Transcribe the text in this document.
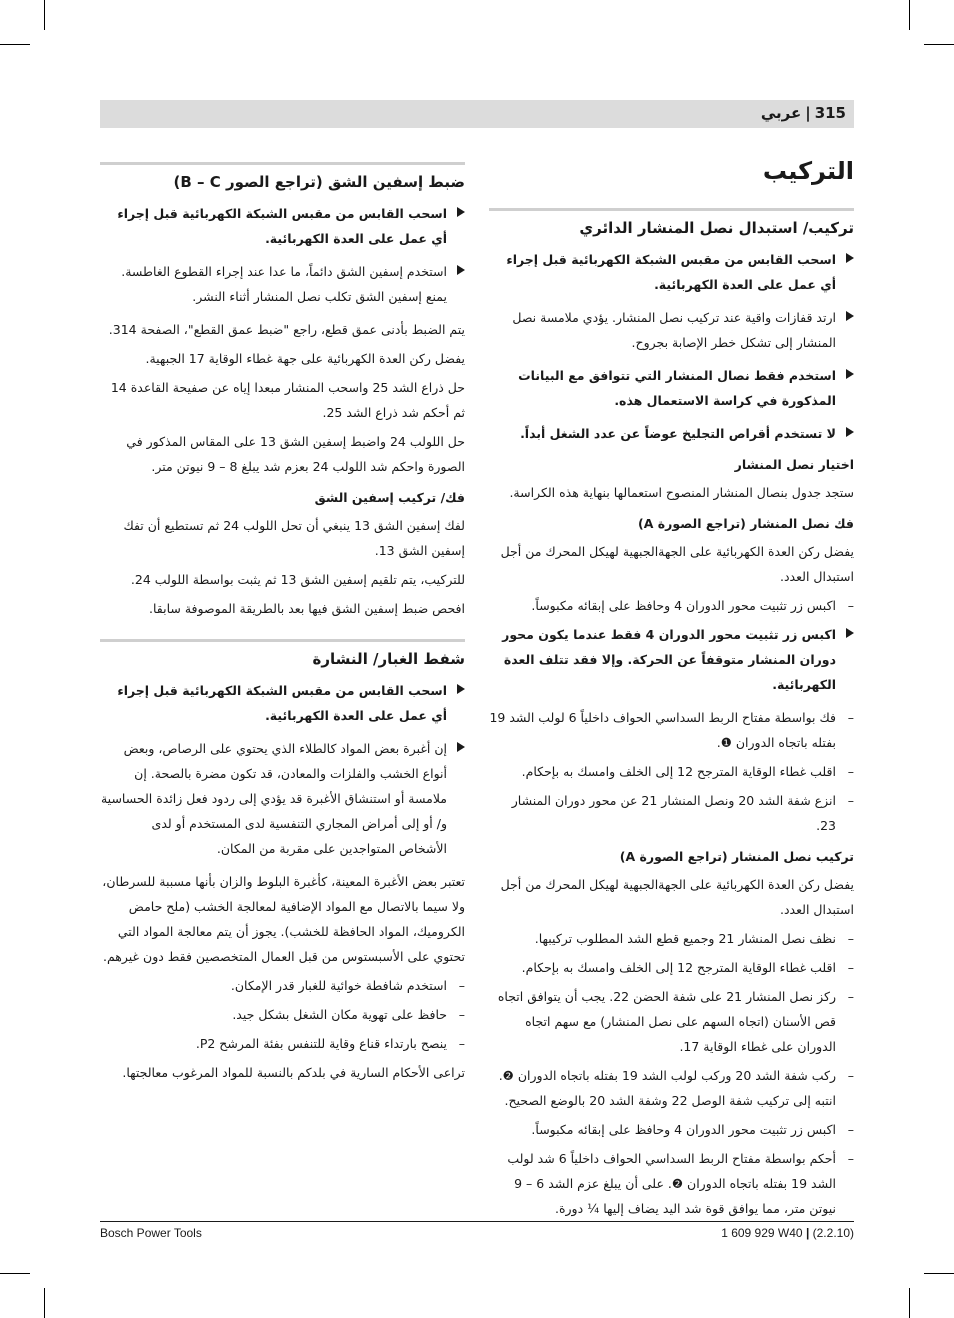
315|عربي
التركيب
تركيب/ استبدال نصل المنشار الدائري
اسحب القابس من مقبس الشبكة الكهربائية قبل إجراء أي عمل على العدة الكهربائية.
ارتد قفازات واقية عند تركيب نصل المنشار. يؤدي ملامسة نصل المنشار إلى تشكل خطر الإصابة بجروح.
استخدم فقط نصال المنشار التي تتوافق مع البيانات المذكورة في كراسة الاستعمال هذه.
لا تستخدم أقراص التجليخ عوضاً عن عدد الشغل أبداً.
اختيار نصل المنشار
ستجد جدول بنصال المنشار المنصوح استعمالها بنهاية هذه الكراسة.
فك نصل المنشار (تراجع الصورة A)
يفضل ركن العدة الكهربائية على الجهةالجبهية لهيكل المحرك من أجل استبدال العدد.
–
اكبس زر تثبيت محور الدوران 4 وحافظ على إبقائه مكبوساً.
اكبس زر تثبيت محور الدوران 4 فقط عندما يكون محور دوران المنشار متوقفاً عن الحركة. وإلا فقد تتلف العدة الكهربائية.
–
فك بواسطة مفتاح الربط السداسي الحواف داخلياً 6 لولب الشد 19 بفتله باتجاه الدوران ❶.
–
اقلب غطاء الوقاية المترجح 12 إلى الخلف وامسك به بإحكام.
–
انزع شفة الشد 20 ونصل المنشار 21 عن محور دوران المنشار 23.
تركيب نصل المنشار (تراجع الصورة A)
يفضل ركن العدة الكهربائية على الجهةالجبهية لهيكل المحرك من أجل استبدال العدد.
–
نظف نصل المنشار 21 وجميع قطع الشد المطلوب تركيبها.
–
اقلب غطاء الوقاية المترجح 12 إلى الخلف وامسك به بإحكام.
–
ركز نصل المنشار 21 على شفة الحضن 22. يجب أن يتوافق اتجاه قص الأسنان (اتجاه السهم على نصل المنشار) مع سهم اتجاه الدوران على غطاء الوقاية 17.
–
ركب شفة الشد 20 وركب لولب الشد 19 بفتله باتجاه الدوران ❷. انتبه إلى تركيب شفة الوصل 22 وشفة الشد 20 بالوضع الصحيح.
–
اكبس زر تثبيت محور الدوران 4 وحافظ على إبقائه مكبوساً.
–
أحكم بواسطة مفتاح الربط السداسي الحواف داخلياً 6 شد لولب الشد 19 بفتله باتجاه الدوران ❷. على أن يبلغ عزم الشد 6 – 9 نيوتن متر، مما يوافق قوة شد اليد يضاف إليها ¼ دورة.
ضبط إسفين الشق (تراجع الصور B – C)
اسحب القابس من مقبس الشبكة الكهربائية قبل إجراء أي عمل على العدة الكهربائية.
استخدم إسفين الشق دائماً، ما عدا عند إجراء القطوع الغاطسة. يمنع إسفين الشق تكلب نصل المنشار أثناء النشر.
يتم الضبط بأدنى عمق قطع، راجع "ضبط عمق القطع"، الصفحة 314.
يفضل ركن العدة الكهربائية على جهة غطاء الوقاية 17 الجبهية.
حل ذراع الشد 25 واسحب المنشار مبعدا إياه عن صفيحة القاعدة 14 ثم أحكم شد ذراع الشد 25.
حل اللولب 24 واضبط إسفين الشق 13 على المقاس المذكور في الصورة واحكم شد اللولب 24 بعزم شد يبلغ 8 – 9 نيوتن متر.
فك/ تركيب إسفين الشق
لفك إسفين الشق 13 ينبغي أن تحل اللولب 24 ثم تستطيع أن تفك إسفين الشق 13.
للتركيب، يتم تلقيم إسفين الشق 13 ثم يثبت بواسطة اللولب 24.
افحص ضبط إسفين الشق فيها بعد بالطريقة الموصوفة سابقا.
شفط الغبار/ النشارة
اسحب القابس من مقبس الشبكة الكهربائية قبل إجراء أي عمل على العدة الكهربائية.
إن أغبرة بعض المواد كالطلاء الذي يحتوي على الرصاص، وبعض أنواع الخشب والفلزات والمعادن، قد تكون مضرة بالصحة. إن ملامسة أو استنشاق الأغبرة قد يؤدي إلى ردود فعل زائدة الحساسية و/ أو إلى أمراض المجاري التنفسية لدى المستخدم أو لدى الأشخاص المتواجدين على مقربة من المكان.
تعتبر بعض الأغبرة المعينة، كأغبرة البلوط والزان بأنها مسببة للسرطان، ولا سيما بالاتصال مع المواد الإضافية لمعالجة الخشب (ملح حامض الكروميك، المواد الحافظة للخشب). يجوز أن يتم معالجة المواد التي تحتوي على الأسبستوس من قبل العمال المتخصصين فقط دون غيرهم.
–
استخدم شافطة خوائية للغبار قدر الإمكان.
–
حافظ على تهوية مكان الشغل بشكل جيد.
–
ينصح بارتداء قناع وقاية للتنفس بفئة المرشح P2.
تراعى الأحكام السارية في بلدكم بالنسبة للمواد المرغوب معالجتها.
Bosch Power Tools	1 609 929 W40 | (2.2.10)
